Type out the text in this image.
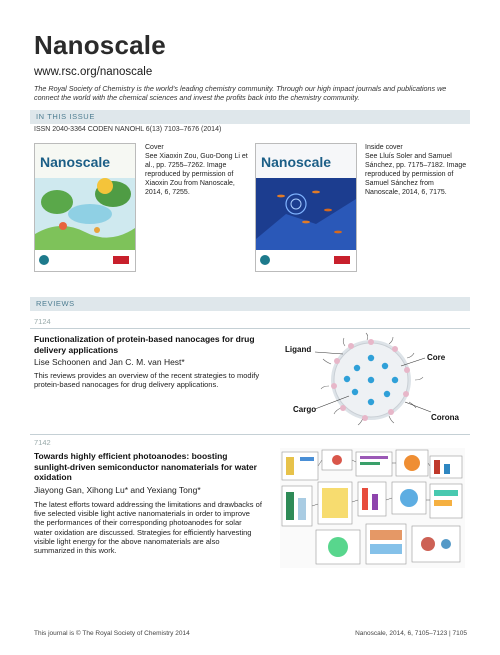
Nanoscale
www.rsc.org/nanoscale
The Royal Society of Chemistry is the world's leading chemistry community. Through our high impact journals and publications we connect the world with the chemical sciences and invest the profits back into the chemistry community.
IN THIS ISSUE
ISSN 2040-3364 CODEN NANOHL 6(13) 7103–7676 (2014)
Nanoscale
Cover
See Xiaoxin Zou, Guo-Dong Li et al., pp. 7255–7262. Image reproduced by permission of Xiaoxin Zou from Nanoscale, 2014, 6, 7255.
Nanoscale
Inside cover
See Lluís Soler and Samuel Sánchez, pp. 7175–7182. Image reproduced by permission of Samuel Sánchez from Nanoscale, 2014, 6, 7175.
REVIEWS
7124
Functionalization of protein-based nanocages for drug delivery applications
Lise Schoonen and Jan C. M. van Hest*
This reviews provides an overview of the recent strategies to modify protein-based nanocages for drug delivery applications.
Ligand
Core
Cargo
Corona
7142
Towards highly efficient photoanodes: boosting sunlight-driven semiconductor nanomaterials for water oxidation
Jiayong Gan, Xihong Lu* and Yexiang Tong*
The latest efforts toward addressing the limitations and drawbacks of five selected visible light active nanomaterials in order to improve the performances of their corresponding photoanodes for solar water oxidation are discussed. Strategies for efficiently harvesting visible light energy for the above nanomaterials are also summarized in this work.
This journal is © The Royal Society of Chemistry 2014	Nanoscale, 2014, 6, 7105–7123 | 7105
